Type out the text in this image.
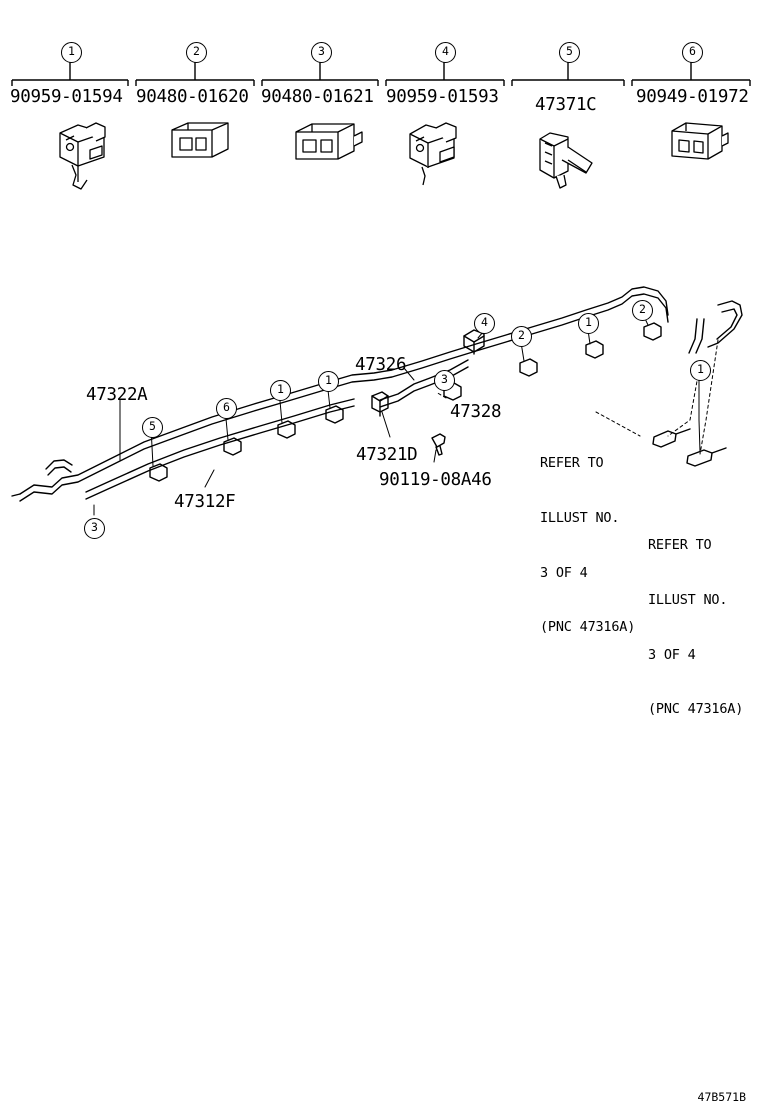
1	2	3	4	5	6
90959-01594 90480-01620 90480-01621 90959-01593 47371C 90949-01972
3
5
6
1
1	3
4
2
1
2
1
47322A
47312F
47326
47328
47321D
90119-08A46

REFER TO

ILLUST NO.

3 OF 4

(PNC 47316A)

REFER TO

ILLUST NO.

3 OF 4

(PNC 47316A)

47B571B
